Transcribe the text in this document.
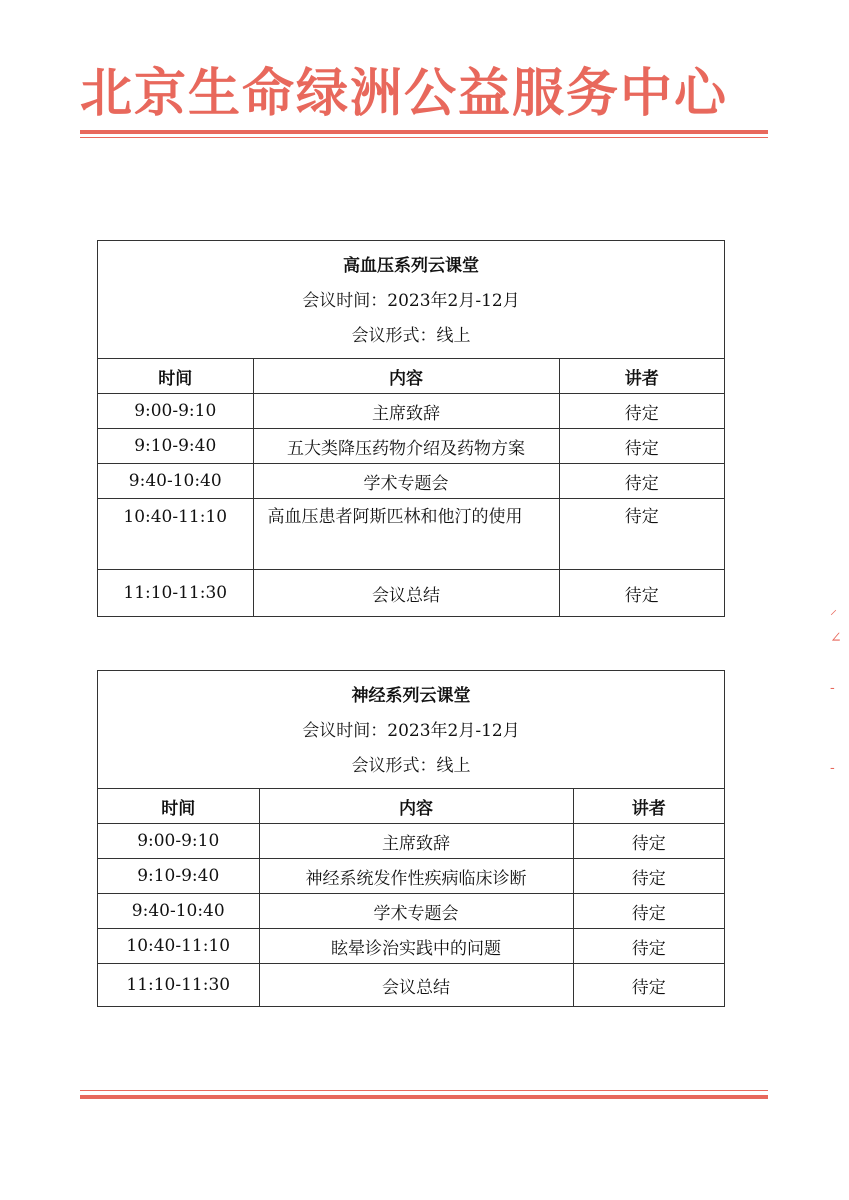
北京生命绿洲公益服务中心
高血压系列云课堂
会议时间：2023年2月-12月
会议形式：线上
时间	内容	讲者
9:00-9:10	主席致辞	待定
9:10-9:40	五大类降压药物介绍及药物方案	待定
9:40-10:40	学术专题会	待定
10:40-11:10	高血压患者阿斯匹林和他汀的使用	待定
11:10-11:30	会议总结	待定
神经系列云课堂
会议时间：2023年2月-12月
会议形式：线上
时间	内容	讲者
9:00-9:10	主席致辞	待定
9:10-9:40	神经系统发作性疾病临床诊断	待定
9:40-10:40	学术专题会	待定
10:40-11:10	眩晕诊治实践中的问题	待定
11:10-11:30	会议总结	待定
⸝
∠
-
-
